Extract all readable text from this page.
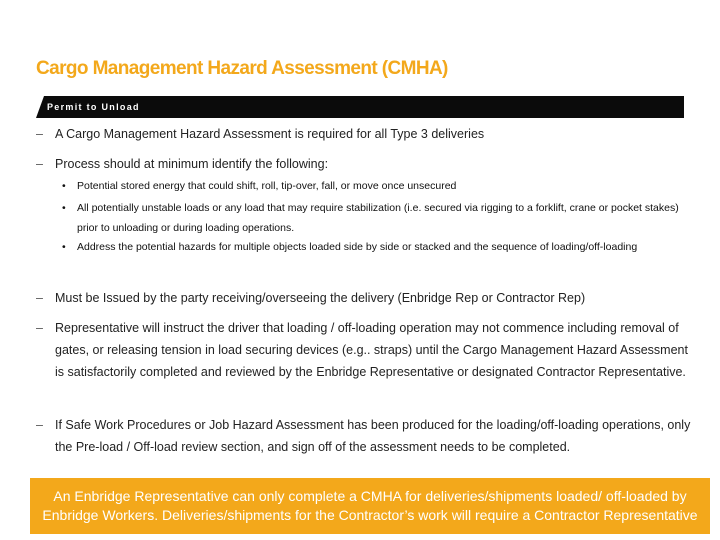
Cargo Management Hazard Assessment (CMHA)
Permit to Unload
– A Cargo Management Hazard Assessment is required for all Type 3 deliveries
– Process should at minimum identify the following:
•	Potential stored energy that could shift, roll, tip-over, fall, or move once unsecured
•	All potentially unstable loads or any load that may require stabilization (i.e. secured via rigging to a forklift, crane or pocket stakes) prior to unloading or during loading operations.
•	Address the potential hazards for multiple objects loaded side by side or stacked and the sequence of loading/off-loading
– Must be Issued by the party receiving/overseeing the delivery (Enbridge Rep or Contractor Rep)
– Representative will instruct the driver that loading / off-loading operation may not commence including removal of gates, or releasing tension in load securing devices (e.g.. straps) until the Cargo Management Hazard Assessment is satisfactorily completed and reviewed by the Enbridge Representative or designated Contractor Representative.
– If Safe Work Procedures or Job Hazard Assessment has been produced for the loading/off-loading operations, only the Pre-load / Off-load review section, and sign off of the assessment needs to be completed.
An Enbridge Representative can only complete a CMHA for deliveries/shipments loaded/ off-loaded by Enbridge Workers. Deliveries/shipments for the Contractor’s work will require a Contractor Representative
